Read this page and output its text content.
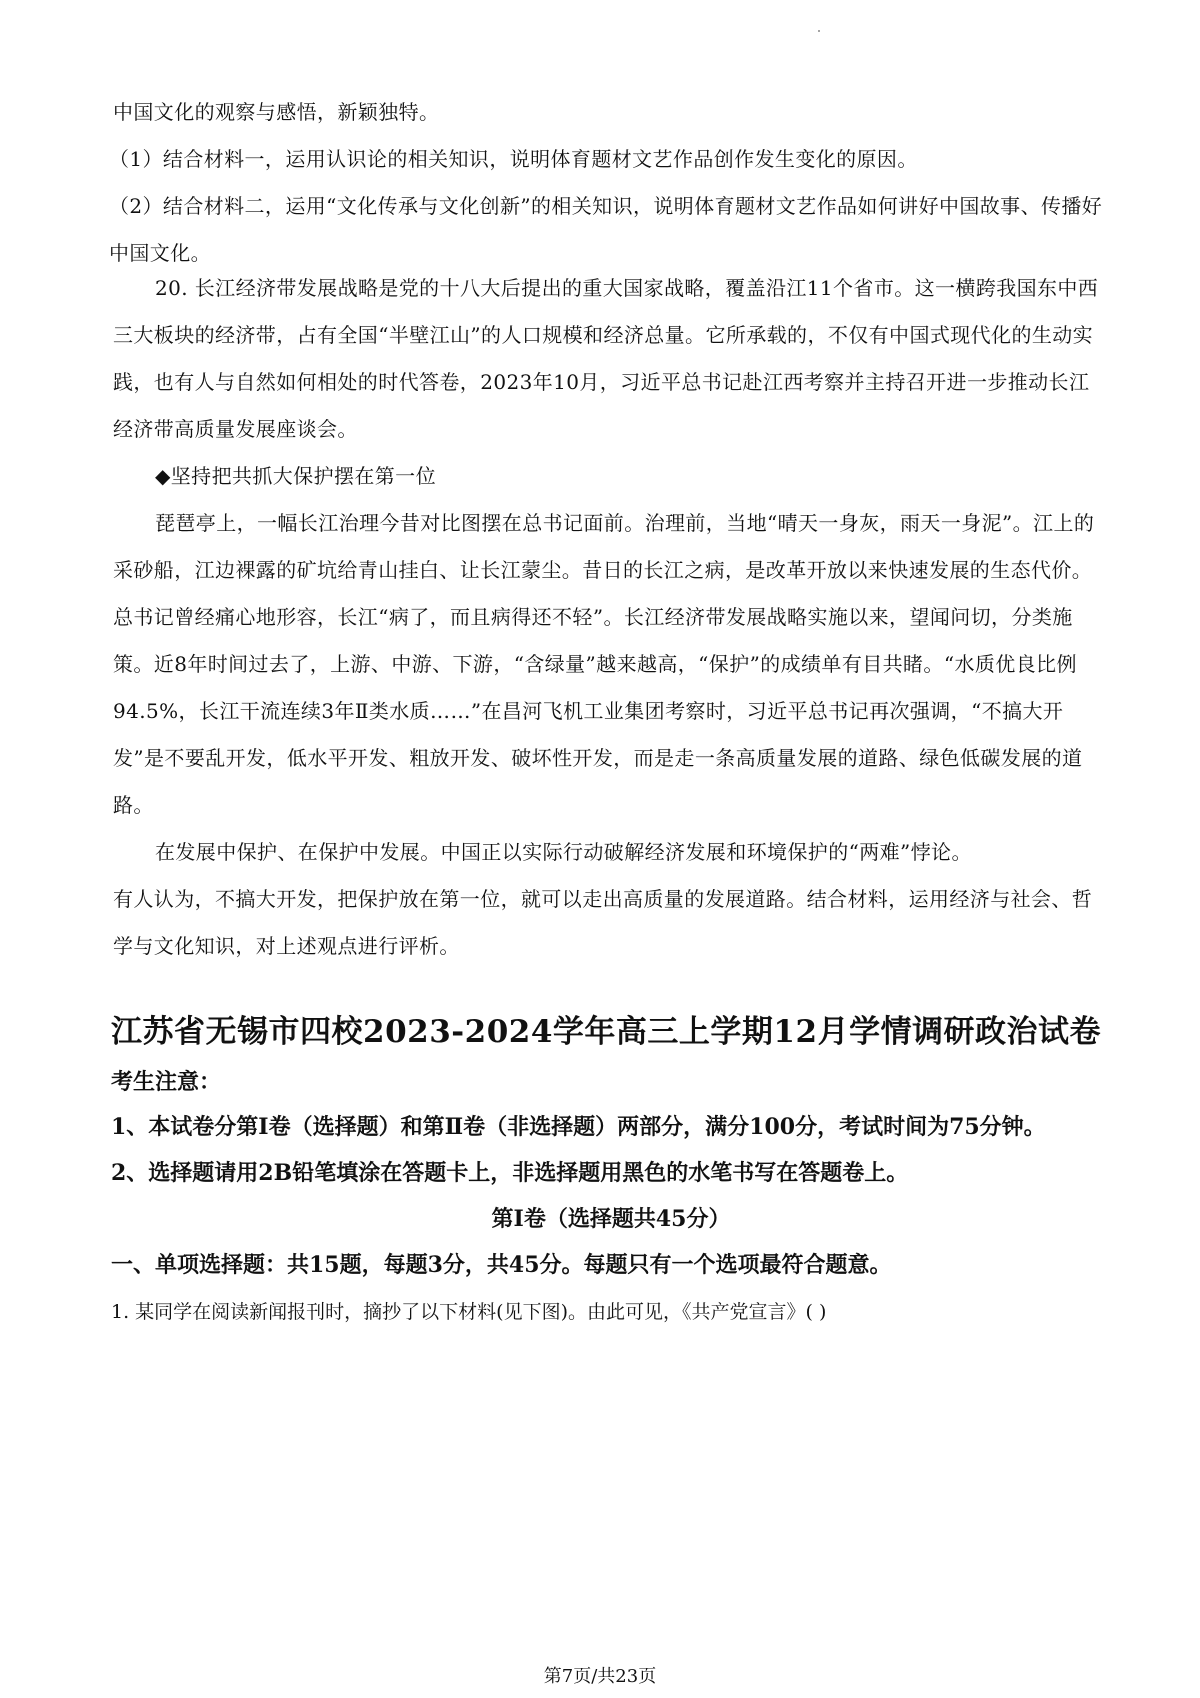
中国文化的观察与感悟，新颖独特。

（1）结合材料一，运用认识论的相关知识，说明体育题材文艺作品创作发生变化的原因。

（2）结合材料二，运用“文化传承与文化创新”的相关知识，说明体育题材文艺作品如何讲好中国故事、传播好中国文化。

20. 长江经济带发展战略是党的十八大后提出的重大国家战略，覆盖沿江11个省市。这一横跨我国东中西三大板块的经济带，占有全国“半壁江山”的人口规模和经济总量。它所承载的，不仅有中国式现代化的生动实践，也有人与自然如何相处的时代答卷，2023年10月，习近平总书记赴江西考察并主持召开进一步推动长江经济带高质量发展座谈会。

◆坚持把共抓大保护摆在第一位

琵琶亭上，一幅长江治理今昔对比图摆在总书记面前。治理前，当地“晴天一身灰，雨天一身泥”。江上的采砂船，江边裸露的矿坑给青山挂白、让长江蒙尘。昔日的长江之病，是改革开放以来快速发展的生态代价。总书记曾经痛心地形容，长江“病了，而且病得还不轻”。长江经济带发展战略实施以来，望闻问切，分类施策。近8年时间过去了，上游、中游、下游，“含绿量”越来越高，“保护”的成绩单有目共睹。“水质优良比例94.5%，长江干流连续3年Ⅱ类水质……”在昌河飞机工业集团考察时，习近平总书记再次强调，“不搞大开发”是不要乱开发，低水平开发、粗放开发、破坏性开发，而是走一条高质量发展的道路、绿色低碳发展的道路。

在发展中保护、在保护中发展。中国正以实际行动破解经济发展和环境保护的“两难”悖论。

有人认为，不搞大开发，把保护放在第一位，就可以走出高质量的发展道路。结合材料，运用经济与社会、哲学与文化知识，对上述观点进行评析。

江苏省无锡市四校2023-2024学年高三上学期12月学情调研政治试卷

考生注意：

1、本试卷分第Ⅰ卷（选择题）和第Ⅱ卷（非选择题）两部分，满分100分，考试时间为75分钟。

2、选择题请用2B铅笔填涂在答题卡上，非选择题用黑色的水笔书写在答题卷上。

第Ⅰ卷（选择题共45分）

一、单项选择题：共15题，每题3分，共45分。每题只有一个选项最符合题意。

1. 某同学在阅读新闻报刊时，摘抄了以下材料(见下图)。由此可见，《共产党宣言》( )

第7页/共23页
